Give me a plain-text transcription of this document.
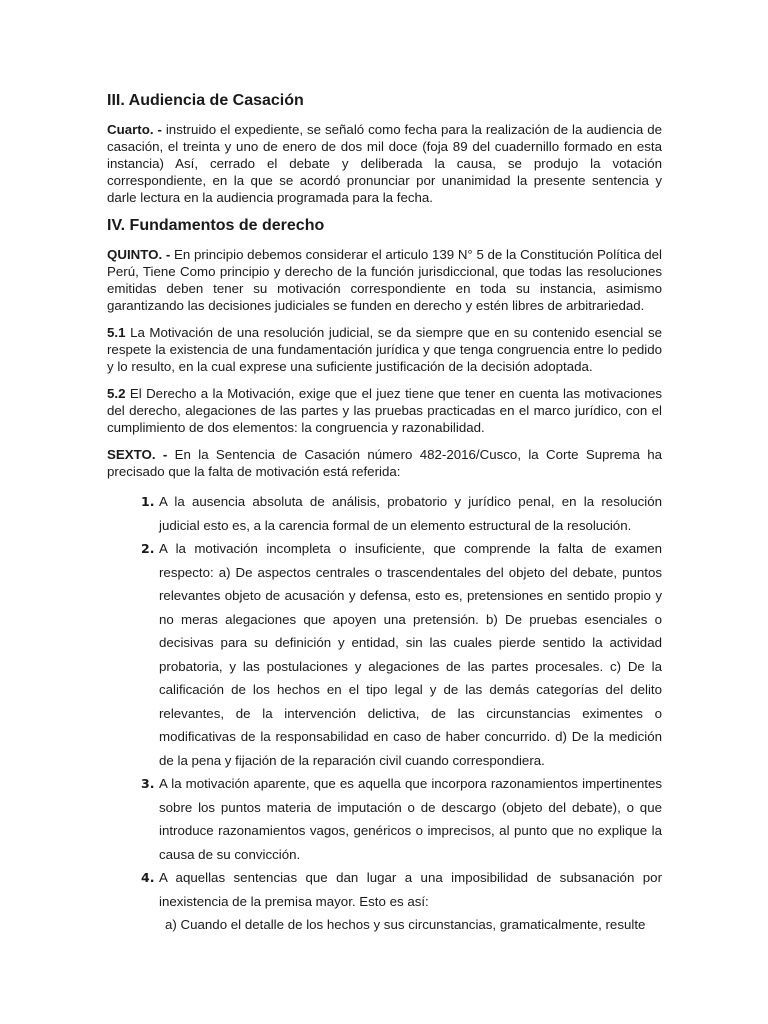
III. Audiencia de Casación

Cuarto. - instruido el expediente, se señaló como fecha para la realización de la audiencia de casación, el treinta y uno de enero de dos mil doce (foja 89 del cuadernillo formado en esta instancia) Así, cerrado el debate y deliberada la causa, se produjo la votación correspondiente, en la que se acordó pronunciar por unanimidad la presente sentencia y darle lectura en la audiencia programada para la fecha.

IV. Fundamentos de derecho

QUINTO. - En principio debemos considerar el articulo 139 N° 5 de la Constitución Política del Perú, Tiene Como principio y derecho de la función jurisdiccional, que todas las resoluciones emitidas deben tener su motivación correspondiente en toda su instancia, asimismo garantizando las decisiones judiciales se funden en derecho y estén libres de arbitrariedad.

5.1 La Motivación de una resolución judicial, se da siempre que en su contenido esencial se respete la existencia de una fundamentación jurídica y que tenga congruencia entre lo pedido y lo resulto, en la cual exprese una suficiente justificación de la decisión adoptada.

5.2 El Derecho a la Motivación, exige que el juez tiene que tener en cuenta las motivaciones del derecho, alegaciones de las partes y las pruebas practicadas en el marco jurídico, con el cumplimiento de dos elementos: la congruencia y razonabilidad.

SEXTO. - En la Sentencia de Casación número 482-2016/Cusco, la Corte Suprema ha precisado que la falta de motivación está referida:

1. A la ausencia absoluta de análisis, probatorio y jurídico penal, en la resolución judicial esto es, a la carencia formal de un elemento estructural de la resolución.
2. A la motivación incompleta o insuficiente, que comprende la falta de examen respecto: a) De aspectos centrales o trascendentales del objeto del debate, puntos relevantes objeto de acusación y defensa, esto es, pretensiones en sentido propio y no meras alegaciones que apoyen una pretensión. b) De pruebas esenciales o decisivas para su definición y entidad, sin las cuales pierde sentido la actividad probatoria, y las postulaciones y alegaciones de las partes procesales. c) De la calificación de los hechos en el tipo legal y de las demás categorías del delito relevantes, de la intervención delictiva, de las circunstancias eximentes o modificativas de la responsabilidad en caso de haber concurrido. d) De la medición de la pena y fijación de la reparación civil cuando correspondiera.
3. A la motivación aparente, que es aquella que incorpora razonamientos impertinentes sobre los puntos materia de imputación o de descargo (objeto del debate), o que introduce razonamientos vagos, genéricos o imprecisos, al punto que no explique la causa de su convicción.
4. A aquellas sentencias que dan lugar a una imposibilidad de subsanación por inexistencia de la premisa mayor. Esto es así:

a) Cuando el detalle de los hechos y sus circunstancias, gramaticalmente, resulte
